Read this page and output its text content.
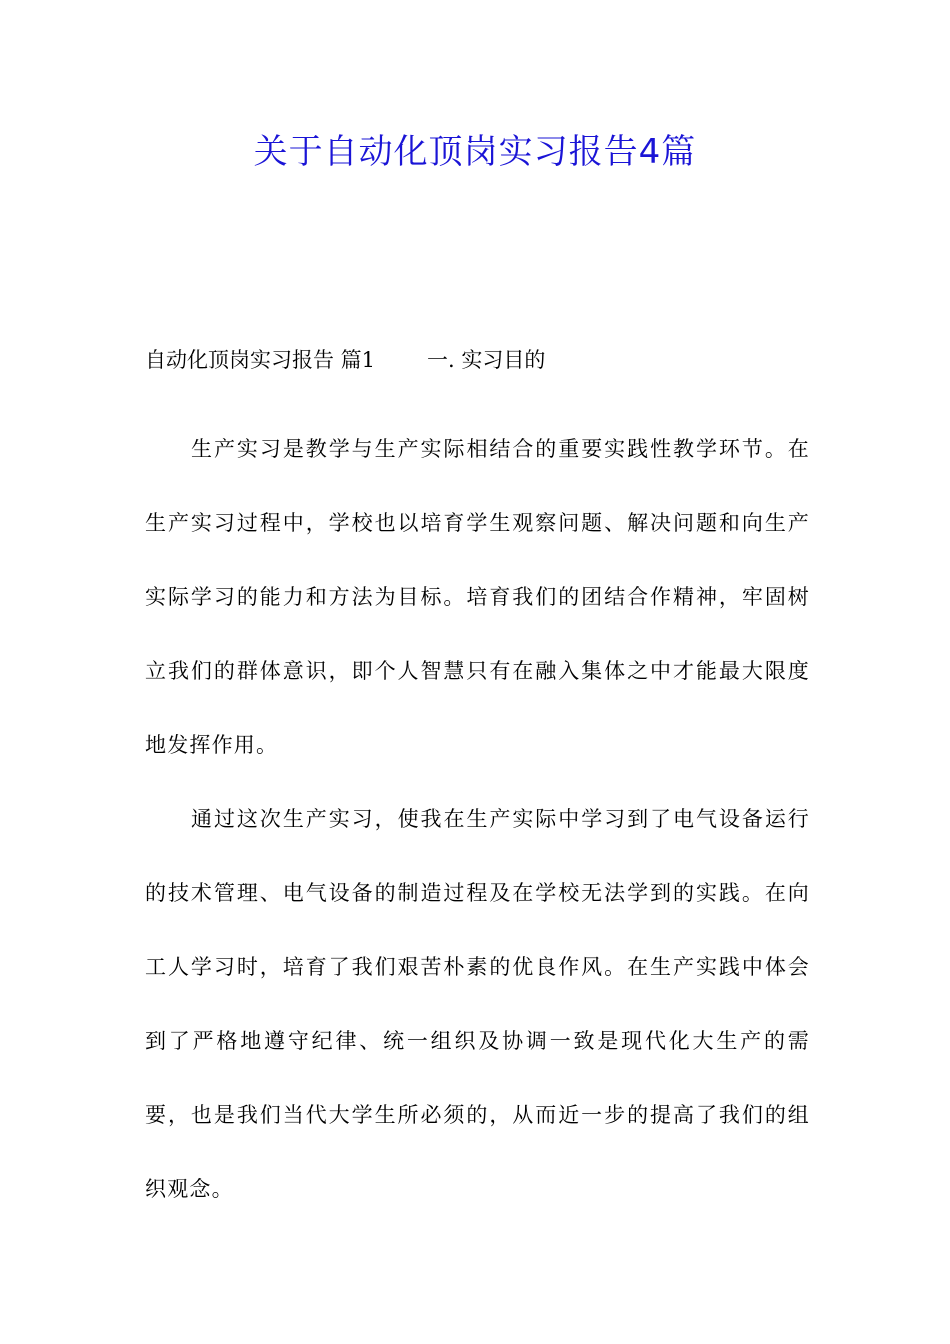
关于自动化顶岗实习报告4篇

自动化顶岗实习报告 篇1 一. 实习目的

生产实习是教学与生产实际相结合的重要实践性教学环节。在生产实习过程中，学校也以培育学生观察问题、解决问题和向生产实际学习的能力和方法为目标。培育我们的团结合作精神，牢固树立我们的群体意识，即个人智慧只有在融入集体之中才能最大限度地发挥作用。

通过这次生产实习，使我在生产实际中学习到了电气设备运行的技术管理、电气设备的制造过程及在学校无法学到的实践。在向工人学习时，培育了我们艰苦朴素的优良作风。在生产实践中体会到了严格地遵守纪律、统一组织及协调一致是现代化大生产的需要，也是我们当代大学生所必须的，从而近一步的提高了我们的组织观念。
